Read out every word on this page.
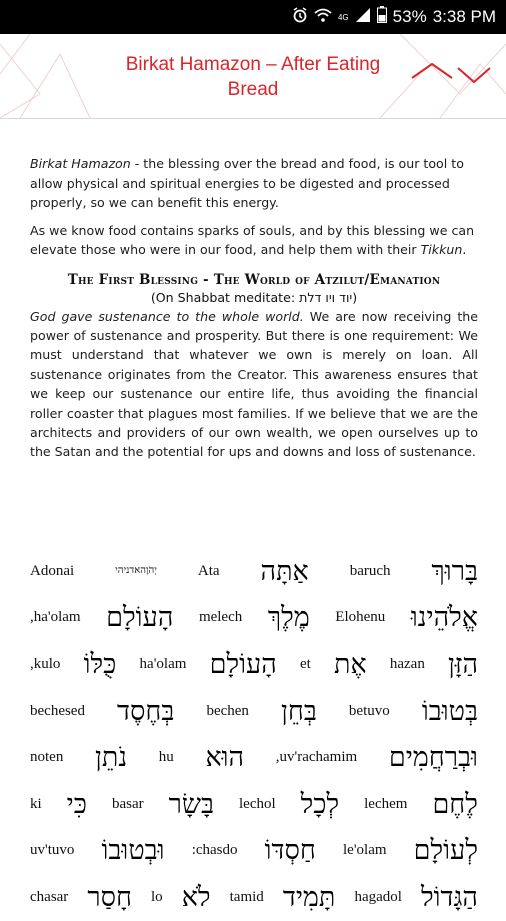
4G	53% 3:38 PM
Birkat Hamazon – After Eating
Bread

Birkat Hamazon - the blessing over the bread and food, is our tool to allow physical and spiritual energies to be digested and processed properly, so we can benefit this energy.

As we know food contains sparks of souls, and by this blessing we can elevate those who were in our food, and help them with their Tikkun.

The First Blessing - The World of Atzilut/Emanation
(On Shabbat meditate: יוד ויו דלת)

God gave sustenance to the whole world. We are now receiving the power of sustenance and prosperity. But there is one requirement: We must understand that whatever we own is merely on loan. All sustenance originates from the Creator. This awareness ensures that we keep our sustenance our entire life, thus avoiding the financial roller coaster that plagues most families. If we believe that we are the architects and providers of our own wealth, we open ourselves up to the Satan and the potential for ups and downs and loss of sustenance.

Adonai	יְהֹוָהאדניהי	Ata אַתָּה	baruch בָּרוּךְ
,ha'olam הָעוֹלָם melech מֶלֶךְ Elohenu אֱלֹהֵינוּ
,kulo כֻּלּוֹ ha'olam הָעוֹלָם et אֶת hazan הַזָּן
bechesed בְּחֶסֶד bechen בְּחֵן betuvo בְּטוּבוֹ
noten נֹתֵן hu הוּא ,uv'rachamim וּבְרַחֲמִים
ki כִּי basar בָּשָׂר lechol לְכָל lechem לֶחֶם
uv'tuvo וּבְטוּבוֹ :chasdo חַסְדּוֹ le'olam לְעוֹלָם
chasar חָסַר lo לֹא tamid תָּמִיד hagadol הַגָּדוֹל
